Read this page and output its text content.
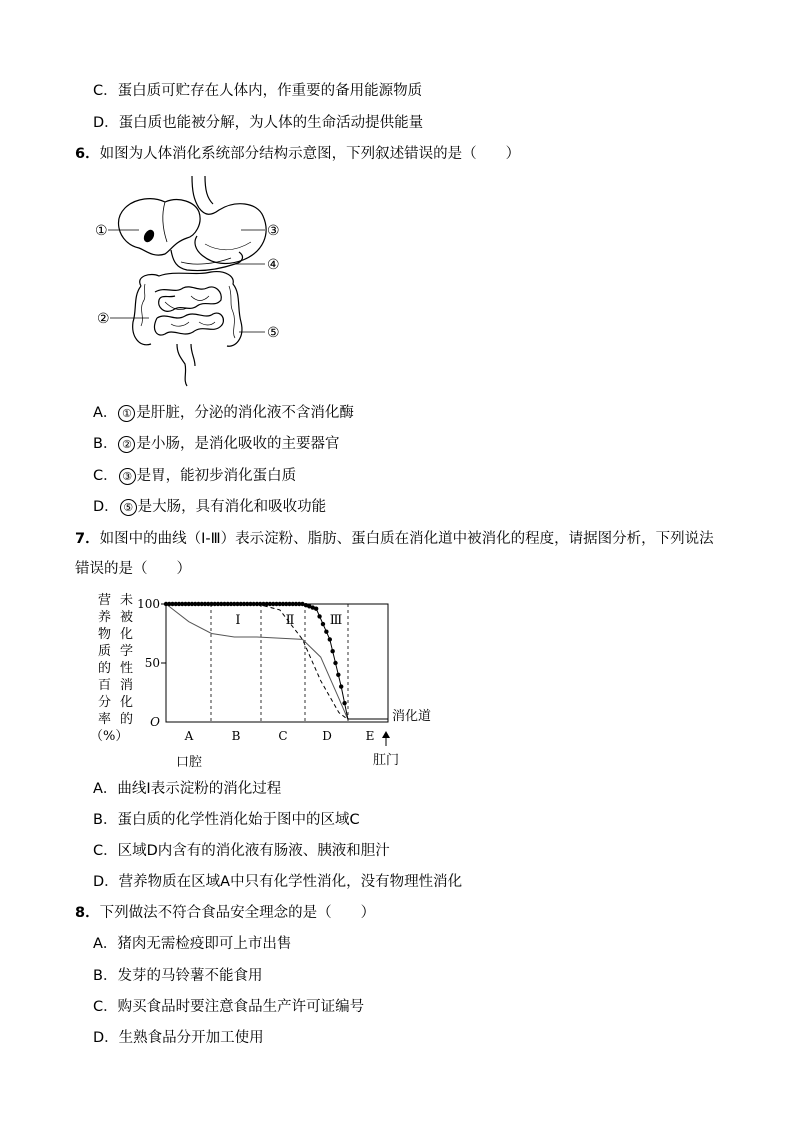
C．蛋白质可贮存在人体内，作重要的备用能源物质
D．蛋白质也能被分解，为人体的生命活动提供能量
6．如图为人体消化系统部分结构示意图，下列叙述错误的是（　　）
①	③
④
②
⑤
A． ① 是肝脏，分泌的消化液不含消化酶
B． ② 是小肠，是消化吸收的主要器官
C． ③ 是胃，能初步消化蛋白质
D． ⑤ 是大肠，具有消化和吸收功能
7．如图中的曲线（Ⅰ-Ⅲ）表示淀粉、脂肪、蛋白质在消化道中被消化的程度，请据图分析，下列说法
错误的是（　　）
营
养
物
质
的
百
分
率
（%）
未
被
化
学
性
消
化
的
100
50
O
A	B	C	D	E
Ⅰ	Ⅱ	Ⅲ
消化道
口腔	肛门
A．曲线Ⅰ表示淀粉的消化过程
B．蛋白质的化学性消化始于图中的区域C
C．区域D内含有的消化液有肠液、胰液和胆汁
D．营养物质在区域A中只有化学性消化，没有物理性消化
8．下列做法不符合食品安全理念的是（　　）
A．猪肉无需检疫即可上市出售
B．发芽的马铃薯不能食用
C．购买食品时要注意食品生产许可证编号
D．生熟食品分开加工使用
